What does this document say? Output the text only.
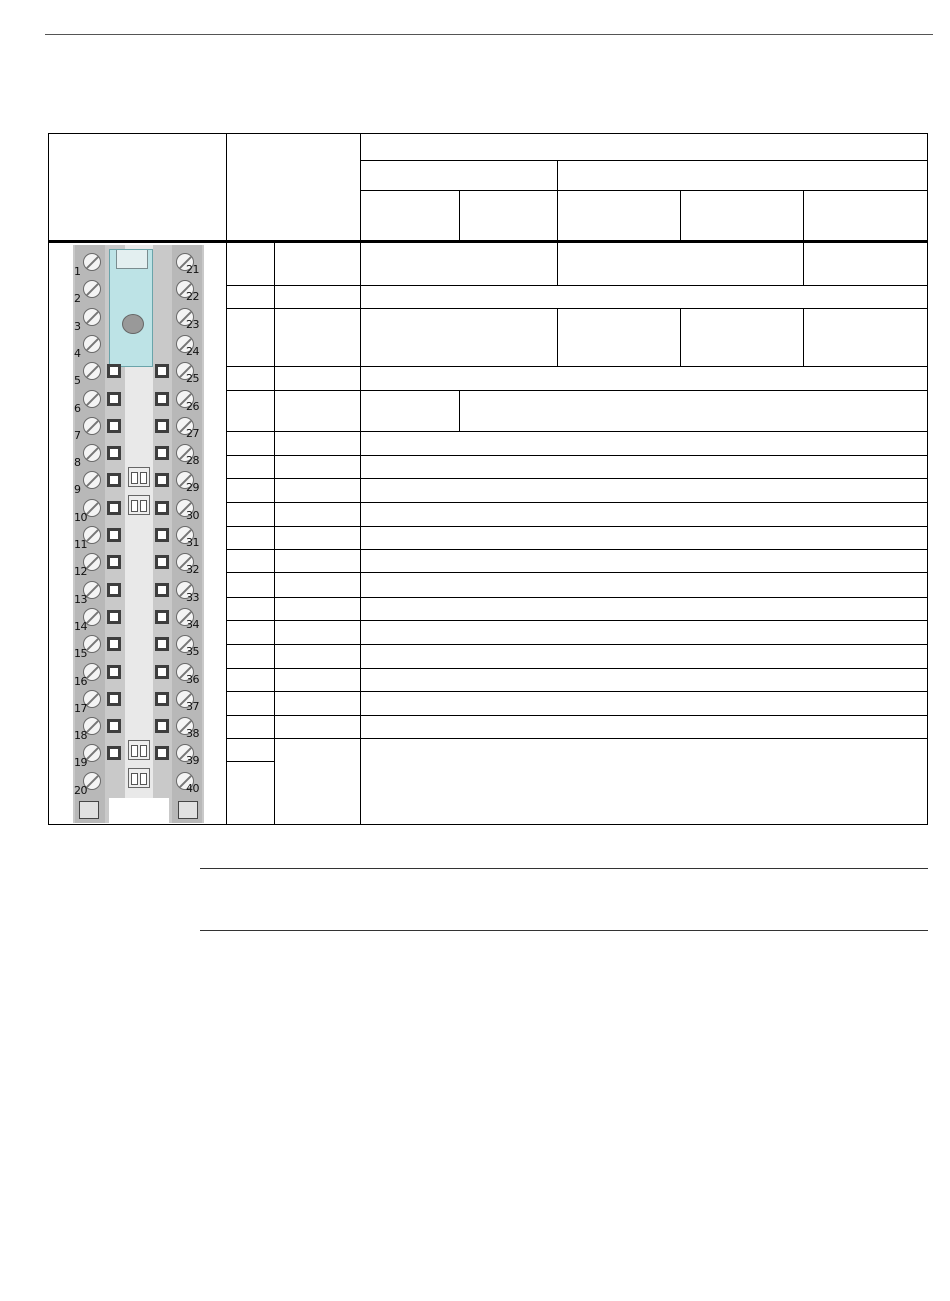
1	21
2	22
3	23
4	24
5	25
6	26
7	27
8	28
9	29
10	30
11	31
12	32
13	33
14	34
15	35
16	36
17	37
18	38
19	39
20	40
